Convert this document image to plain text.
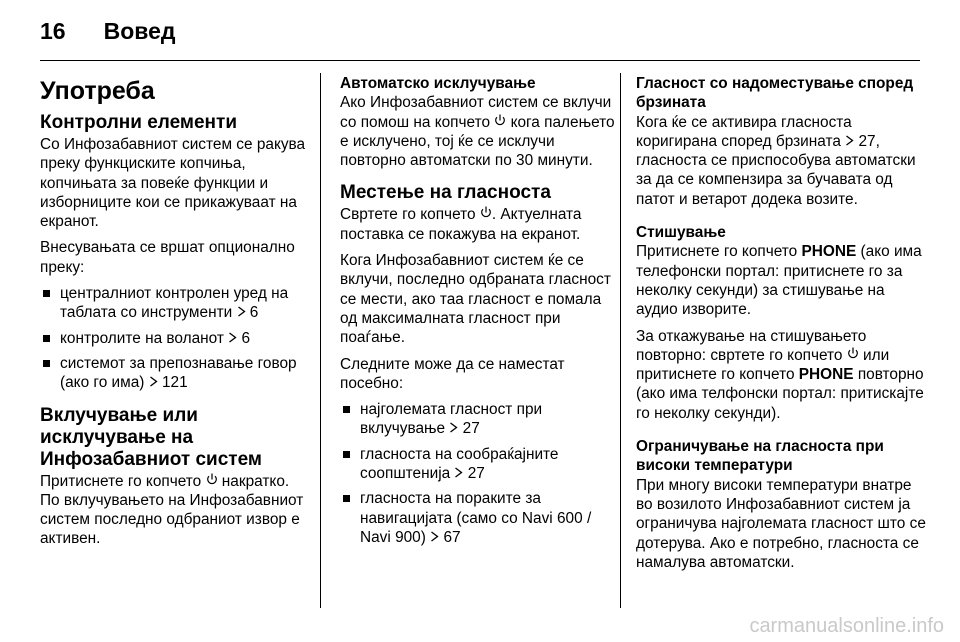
16 Вовед
Употреба
Контролни елементи

Со Инфозабавниот систем се ракува преку функциските копчиња, копчињата за повеќе функции и изборниците кои се прикажуваат на екранот.

Внесувањата се вршат опционално преку:

централниот контролен уред на таблата со инструменти 6
контролите на воланот 6
системот за препознавање говор (ако го има) 121
Вклучување или исклучување на Инфозабавниот систем

Притиснете го копчето накратко. По вклучувањето на Инфозабавниот систем последно одбраниот извор е активен.

Автоматско исклучување

Ако Инфозабавниот систем се вклучи со помош на копчето кога палењето е исклучено, тој ќе се исклучи повторно автоматски по 30 минути.

Местење на гласноста

Свртете го копчето . Актуелната поставка се покажува на екранот.

Кога Инфозабавниот систем ќе се вклучи, последно одбраната гласност се мести, ако таа гласност е помала од максималната гласност при поаѓање.

Следните може да се наместат посебно:

најголемата гласност при вклучување 27
гласноста на сообраќајните соопштенија 27
гласноста на пораките за навигацијата (само со Navi 600 / Navi 900) 67
Гласност со надоместување според брзината

Кога ќе се активира гласноста коригирана според брзината 27, гласноста се приспособува автоматски за да се компензира за бучавата од патот и ветарот додека возите.

Стишување

Притиснете го копчето PHONE (ако има телефонски портал: притиснете го за неколку секунди) за стишување на аудио изворите.

За откажување на стишувањето повторно: свртете го копчето или притиснете го копчето PHONE повторно (ако има телфонски портал: притискајте го неколку секунди).

Ограничување на гласноста при високи температури

При многу високи температури внатре во возилото Инфозабавниот систем ја ограничува најголемата гласност што се дотерува. Ако е потребно, гласноста се намалува автоматски.

carmanualsonline.info
